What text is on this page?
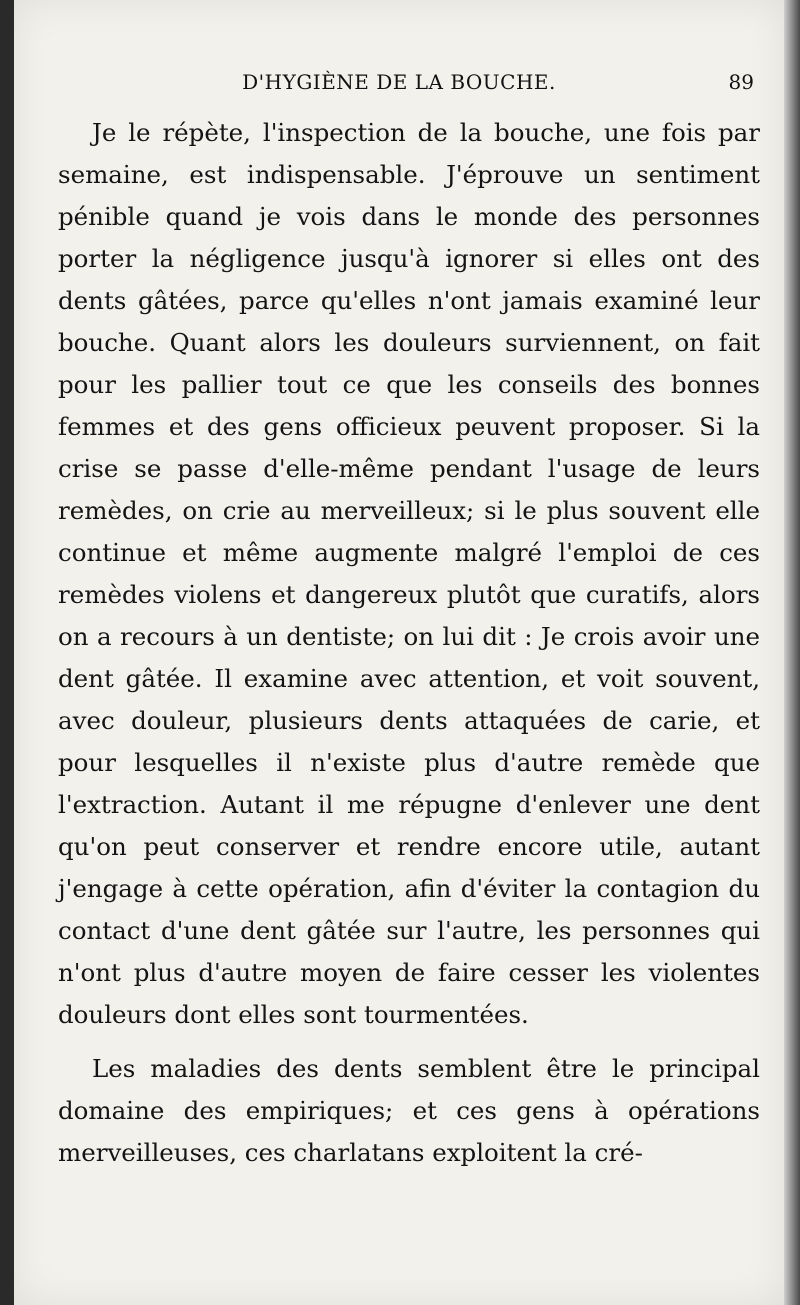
D'HYGIÈNE DE LA BOUCHE.	89

Je le répète, l'inspection de la bouche, une fois par semaine, est indispensable. J'éprouve un sentiment pénible quand je vois dans le monde des personnes porter la négligence jusqu'à ignorer si elles ont des dents gâtées, parce qu'elles n'ont jamais examiné leur bouche. Quant alors les douleurs surviennent, on fait pour les pallier tout ce que les conseils des bonnes femmes et des gens officieux peuvent proposer. Si la crise se passe d'elle-même pendant l'usage de leurs remèdes, on crie au merveilleux; si le plus souvent elle continue et même augmente malgré l'emploi de ces remèdes violens et dangereux plutôt que curatifs, alors on a recours à un dentiste; on lui dit : Je crois avoir une dent gâtée. Il examine avec attention, et voit souvent, avec douleur, plusieurs dents attaquées de carie, et pour lesquelles il n'existe plus d'autre remède que l'extraction. Autant il me répugne d'enlever une dent qu'on peut conserver et rendre encore utile, autant j'engage à cette opération, afin d'éviter la contagion du contact d'une dent gâtée sur l'autre, les personnes qui n'ont plus d'autre moyen de faire cesser les violentes douleurs dont elles sont tourmentées.

Les maladies des dents semblent être le principal domaine des empiriques; et ces gens à opérations merveilleuses, ces charlatans exploitent la cré-
